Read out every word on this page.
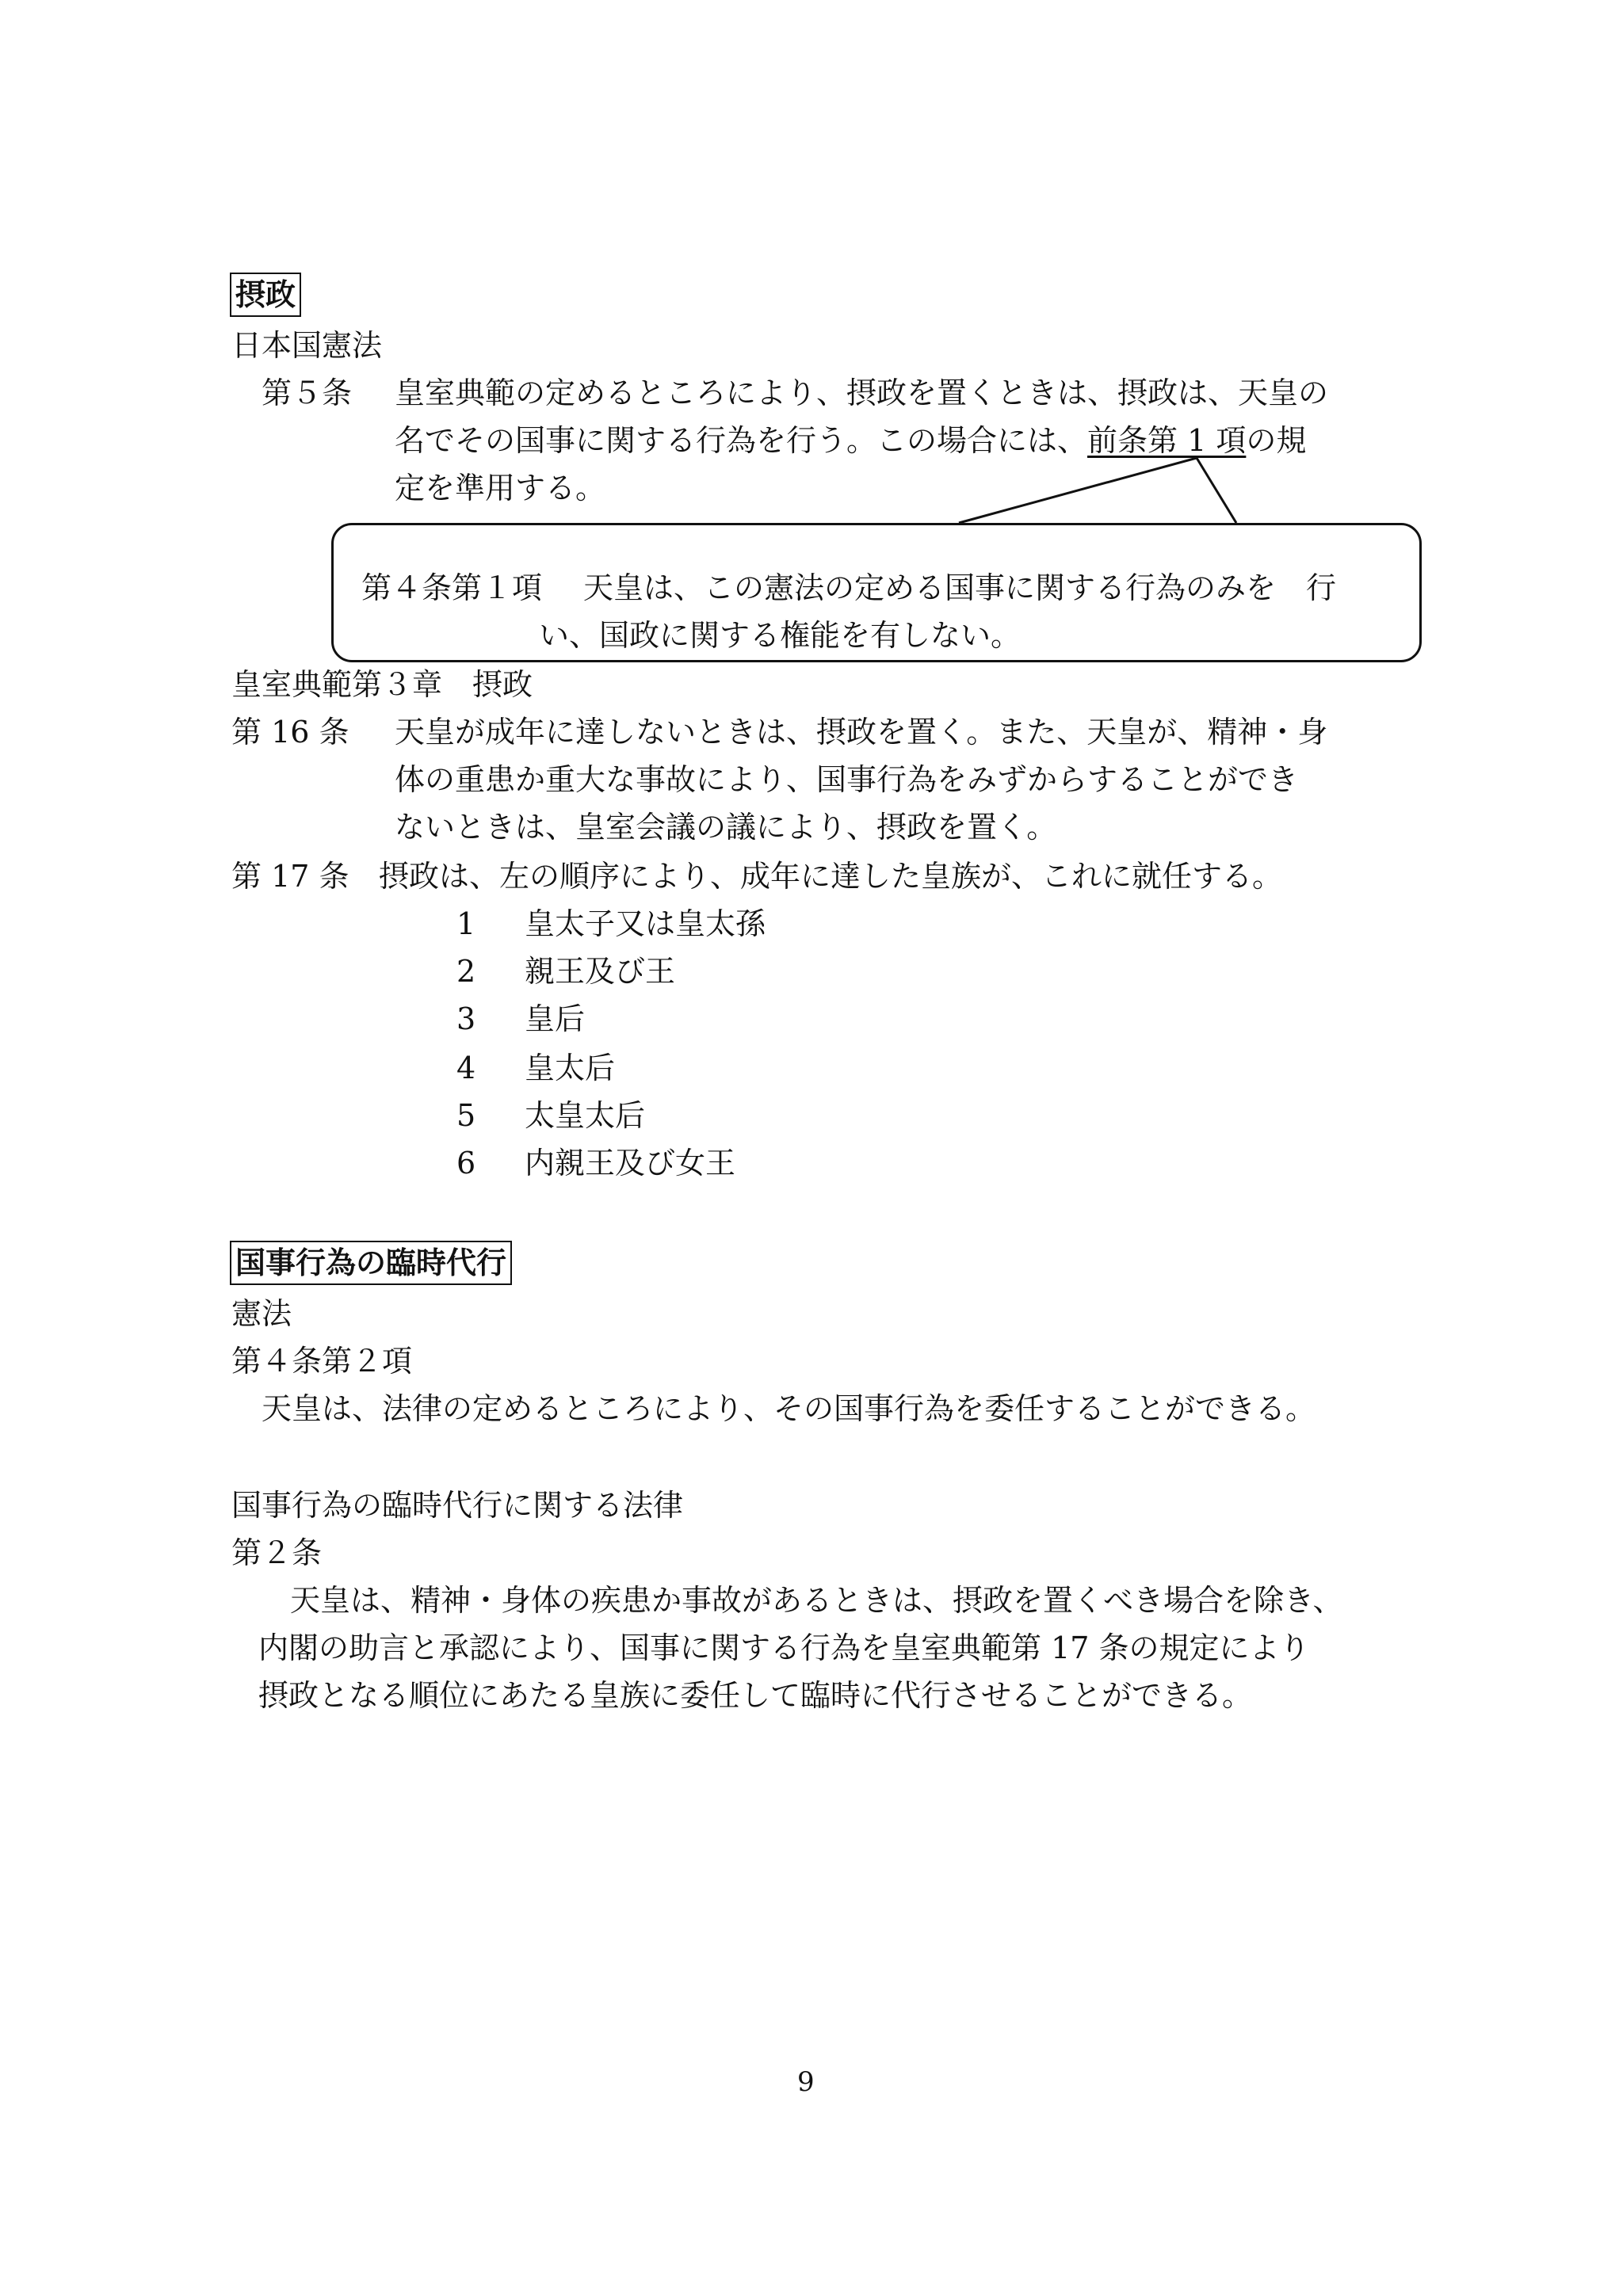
摂政
日本国憲法
第５条 皇室典範の定めるところにより、摂政を置くときは、摂政は、天皇の
名でその国事に関する行為を行う。この場合には、前条第 1 項の規
定を準用する。
第４条第１項 天皇は、この憲法の定める国事に関する行為のみを　行
い、国政に関する権能を有しない。
皇室典範第３章　摂政
第 16 条 天皇が成年に達しないときは、摂政を置く。また、天皇が、精神・身
体の重患か重大な事故により、国事行為をみずからすることができ
ないときは、皇室会議の議により、摂政を置く。
第 17 条 摂政は、左の順序により、成年に達した皇族が、これに就任する。
1 皇太子又は皇太孫
2 親王及び王
3 皇后
4 皇太后
5 太皇太后
6 内親王及び女王
国事行為の臨時代行
憲法
第４条第２項
天皇は、法律の定めるところにより、その国事行為を委任することができる。
国事行為の臨時代行に関する法律
第２条
天皇は、精神・身体の疾患か事故があるときは、摂政を置くべき場合を除き、
内閣の助言と承認により、国事に関する行為を皇室典範第 17 条の規定により
摂政となる順位にあたる皇族に委任して臨時に代行させることができる。
9
